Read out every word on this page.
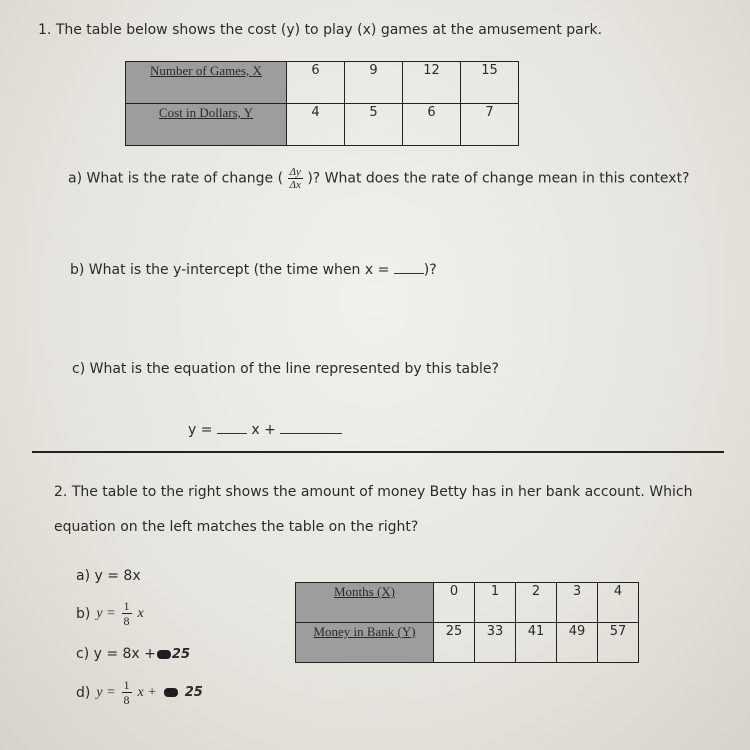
1. The table below shows the cost (y) to play (x) games at the amusement park.
Number of Games, X	6	9	12	15
Cost in Dollars, Y	4	5	6	7
a) What is the rate of change ( $\frac{\Delta y}{\Delta x}$ )? What does the rate of change mean in this context?
b) What is the y-intercept (the time when x = )?
c) What is the equation of the line represented by this table?
y =	x +
2. The table to the right shows the amount of money Betty has in her bank account. Which
equation on the left matches the table on the right?
a) y = 8x
b) $y = \frac{1}{8}$ x
c) y = 8x + 25
d) $y = \frac{1}{8}$ x + 25
Months (X)	0	1	2	3	4
Money in Bank (Y)	25	33	41	49	57
